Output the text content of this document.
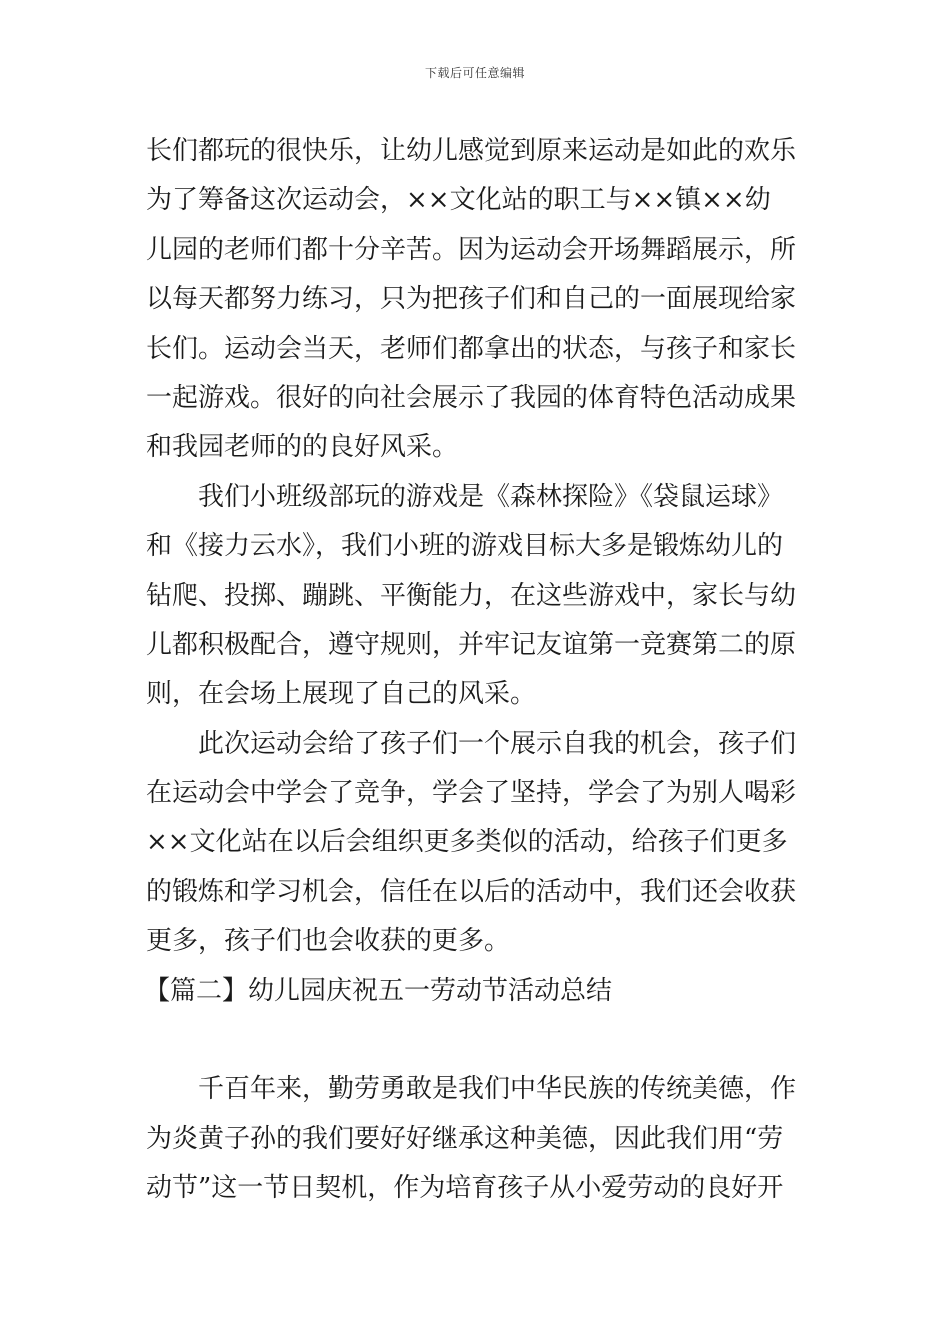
下载后可任意编辑
长们都玩的很快乐，让幼儿感觉到原来运动是如此的欢乐
为了筹备这次运动会，××文化站的职工与××镇××幼
儿园的老师们都十分辛苦。因为运动会开场舞蹈展示，所
以每天都努力练习，只为把孩子们和自己的一面展现给家
长们。运动会当天，老师们都拿出的状态，与孩子和家长
一起游戏。很好的向社会展示了我园的体育特色活动成果
和我园老师的的良好风采。
我们小班级部玩的游戏是《森林探险》《袋鼠运球》
和《接力云水》，我们小班的游戏目标大多是锻炼幼儿的
钻爬、投掷、蹦跳、平衡能力，在这些游戏中，家长与幼
儿都积极配合，遵守规则，并牢记友谊第一竞赛第二的原
则，在会场上展现了自己的风采。
此次运动会给了孩子们一个展示自我的机会，孩子们
在运动会中学会了竞争，学会了坚持，学会了为别人喝彩
××文化站在以后会组织更多类似的活动，给孩子们更多
的锻炼和学习机会，信任在以后的活动中，我们还会收获
更多，孩子们也会收获的更多。
【篇二】幼儿园庆祝五一劳动节活动总结
千百年来，勤劳勇敢是我们中华民族的传统美德，作
为炎黄子孙的我们要好好继承这种美德，因此我们用“劳
动节”这一节日契机，作为培育孩子从小爱劳动的良好开
